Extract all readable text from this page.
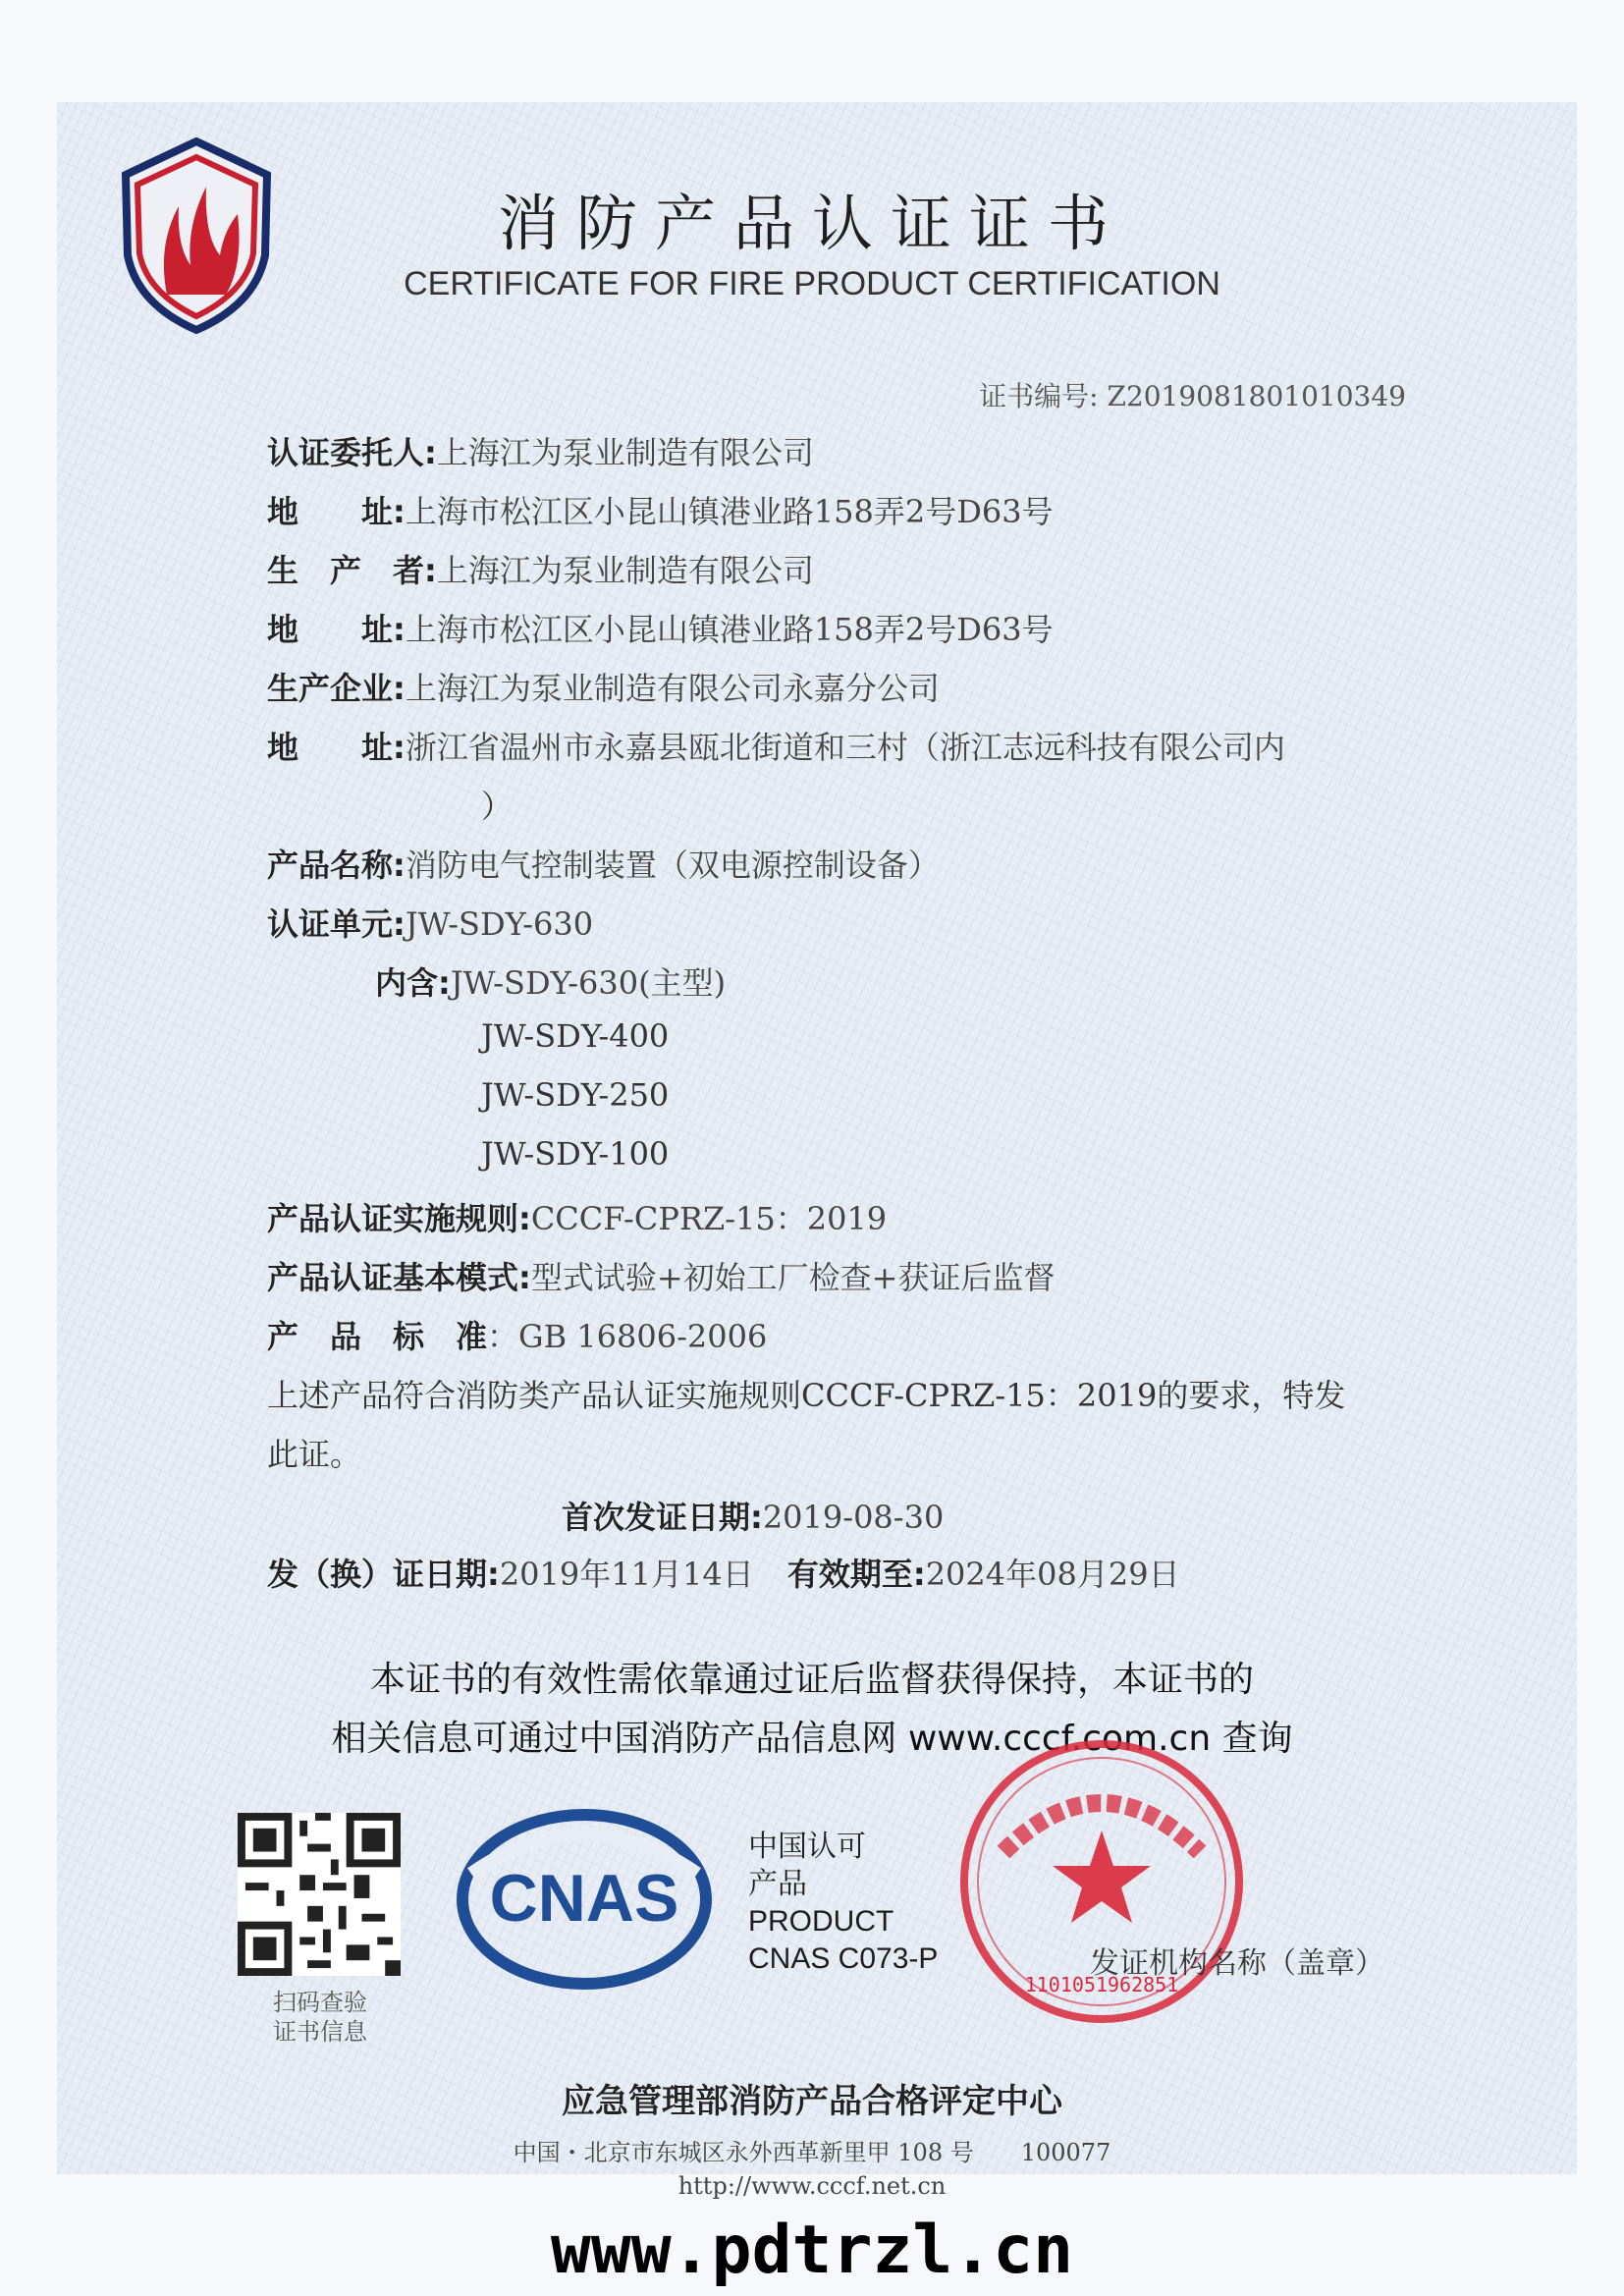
消防产品认证证书
CERTIFICATE FOR FIRE PRODUCT CERTIFICATION
证书编号: Z2019081801010349
认证委托人:上海江为泵业制造有限公司
地　　址:上海市松江区小昆山镇港业路158弄2号D63号
生　产　者:上海江为泵业制造有限公司
地　　址:上海市松江区小昆山镇港业路158弄2号D63号
生产企业:上海江为泵业制造有限公司永嘉分公司
地　　址:浙江省温州市永嘉县瓯北街道和三村（浙江志远科技有限公司内
）
产品名称:消防电气控制装置（双电源控制设备）
认证单元:JW-SDY-630
内含:JW-SDY-630(主型)
JW-SDY-400
JW-SDY-250
JW-SDY-100
产品认证实施规则:CCCF-CPRZ-15：2019
产品认证基本模式:型式试验+初始工厂检查+获证后监督
产　品　标　准：GB 16806-2006
上述产品符合消防类产品认证实施规则CCCF-CPRZ-15：2019的要求，特发
此证。
首次发证日期:2019-08-30
发（换）证日期:2019年11月14日 有效期至:2024年08月29日
本证书的有效性需依靠通过证后监督获得保持，本证书的
相关信息可通过中国消防产品信息网 www.cccf.com.cn 查询
扫码查验
证书信息
CNAS
中国认可
产品
PRODUCT
CNAS C073-P
1101051962851
发证机构名称（盖章）
应急管理部消防产品合格评定中心
中国・北京市东城区永外西革新里甲 108 号　　100077
http://www.cccf.net.cn
www.pdtrzl.cn
